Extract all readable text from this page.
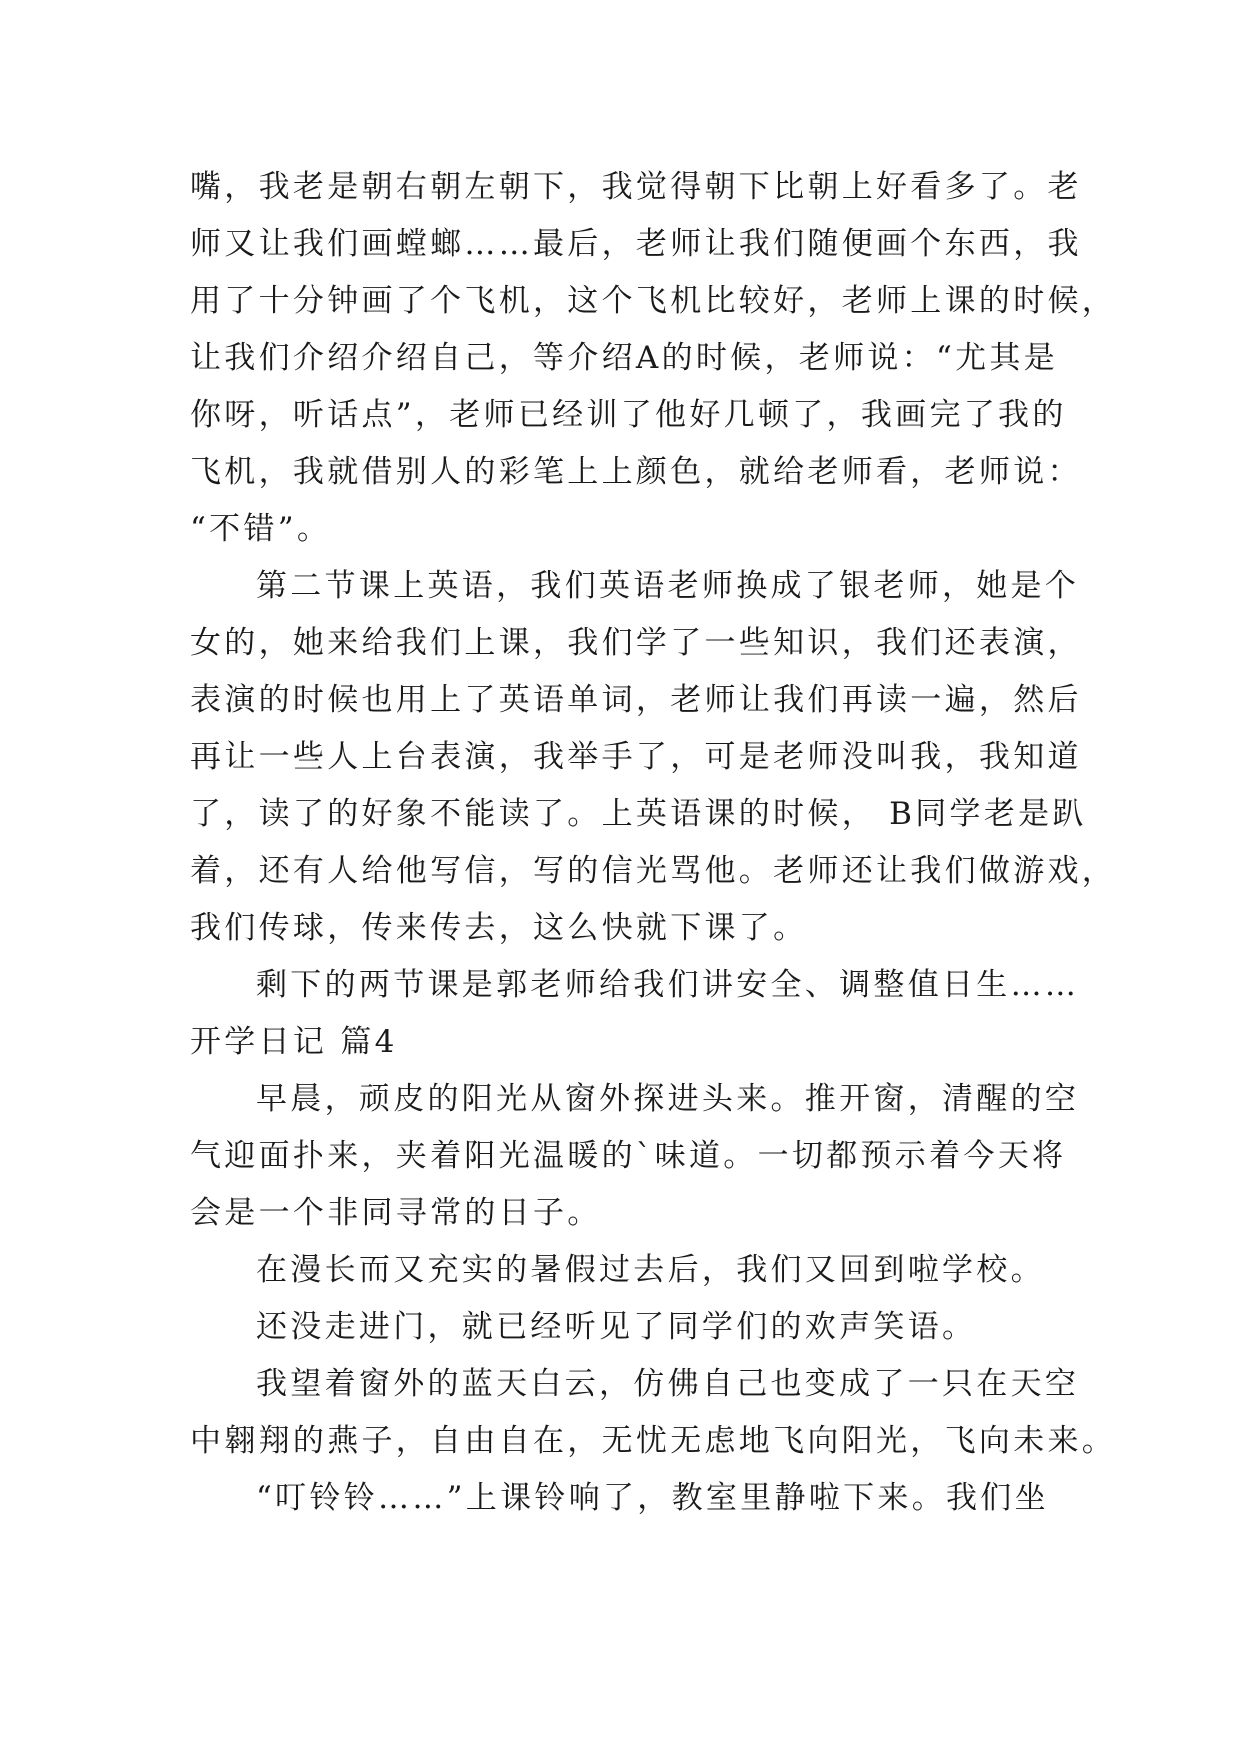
嘴，我老是朝右朝左朝下，我觉得朝下比朝上好看多了。老
师又让我们画螳螂……最后，老师让我们随便画个东西，我
用了十分钟画了个飞机，这个飞机比较好，老师上课的时候，
让我们介绍介绍自己，等介绍A的时候，老师说：“尤其是
你呀，听话点”，老师已经训了他好几顿了，我画完了我的
飞机，我就借别人的彩笔上上颜色，就给老师看，老师说：
“不错”。
第二节课上英语，我们英语老师换成了银老师，她是个
女的，她来给我们上课，我们学了一些知识，我们还表演，
表演的时候也用上了英语单词，老师让我们再读一遍，然后
再让一些人上台表演，我举手了，可是老师没叫我，我知道
了，读了的好象不能读了。上英语课的时候， B同学老是趴
着，还有人给他写信，写的信光骂他。老师还让我们做游戏，
我们传球，传来传去，这么快就下课了。
剩下的两节课是郭老师给我们讲安全、调整值日生……
开学日记 篇4
早晨，顽皮的阳光从窗外探进头来。推开窗，清醒的空
气迎面扑来，夹着阳光温暖的`味道。一切都预示着今天将
会是一个非同寻常的日子。
在漫长而又充实的暑假过去后，我们又回到啦学校。
还没走进门，就已经听见了同学们的欢声笑语。
我望着窗外的蓝天白云，仿佛自己也变成了一只在天空
中翱翔的燕子，自由自在，无忧无虑地飞向阳光，飞向未来。
“叮铃铃……”上课铃响了，教室里静啦下来。我们坐
